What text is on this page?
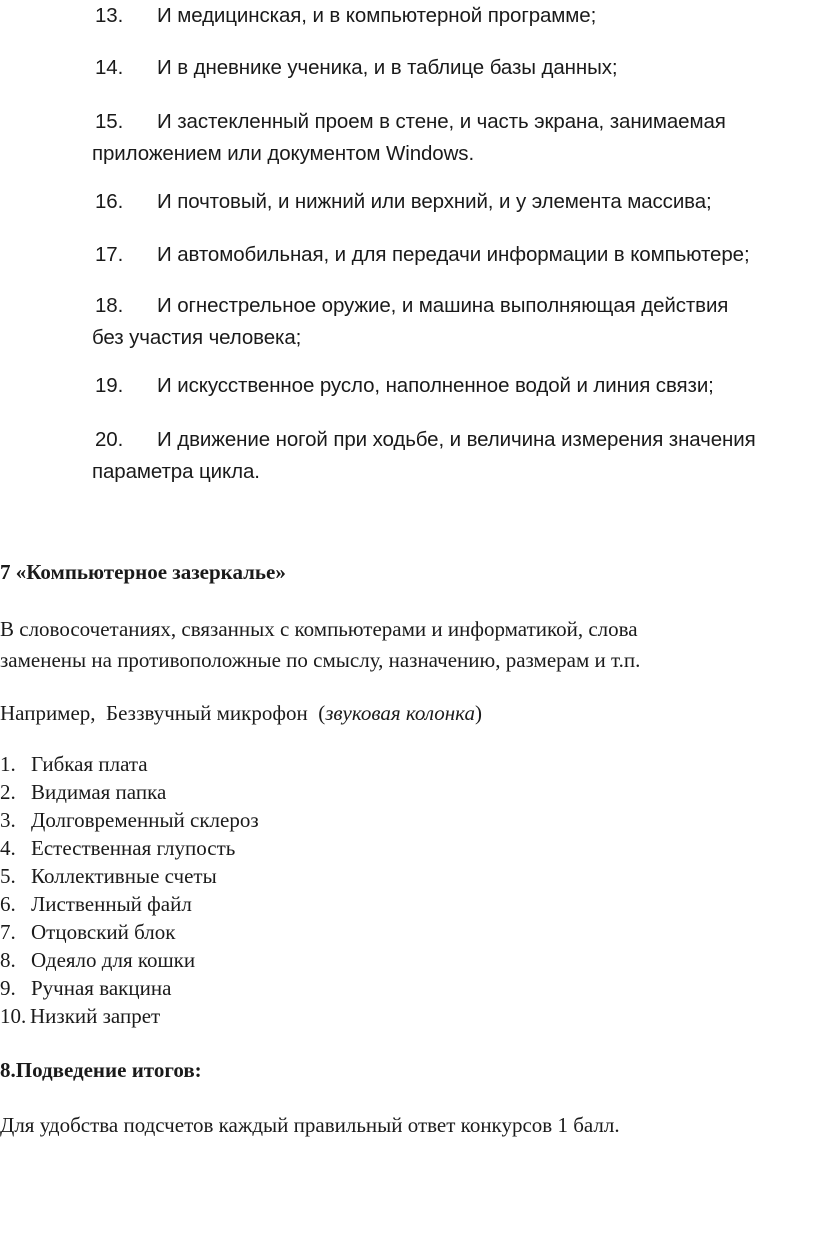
13. И медицинская, и в компьютерной программе;
14. И в дневнике ученика, и в таблице базы данных;
15. И застекленный проем в стене, и часть экрана, занимаемая
приложением или документом Windows.
16. И почтовый, и нижний или верхний, и у элемента массива;
17. И автомобильная, и для передачи информации в компьютере;
18. И огнестрельное оружие, и машина выполняющая действия
без участия человека;
19. И искусственное русло, наполненное водой и линия связи;
20. И движение ногой при ходьбе, и величина измерения значения
параметра цикла.
7 «Компьютерное зазеркалье»
В словосочетаниях, связанных с компьютерами и информатикой, слова
заменены на противоположные по смыслу, назначению, размерам и т.п.
Например,  Беззвучный микрофон  (звуковая колонка)
1. Гибкая плата
2. Видимая папка
3. Долговременный склероз
4. Естественная глупость
5. Коллективные счеты
6. Лиственный файл
7. Отцовский блок
8. Одеяло для кошки
9. Ручная вакцина
10. Низкий запрет
8.Подведение итогов:
Для удобства подсчетов каждый правильный ответ конкурсов 1 балл.
